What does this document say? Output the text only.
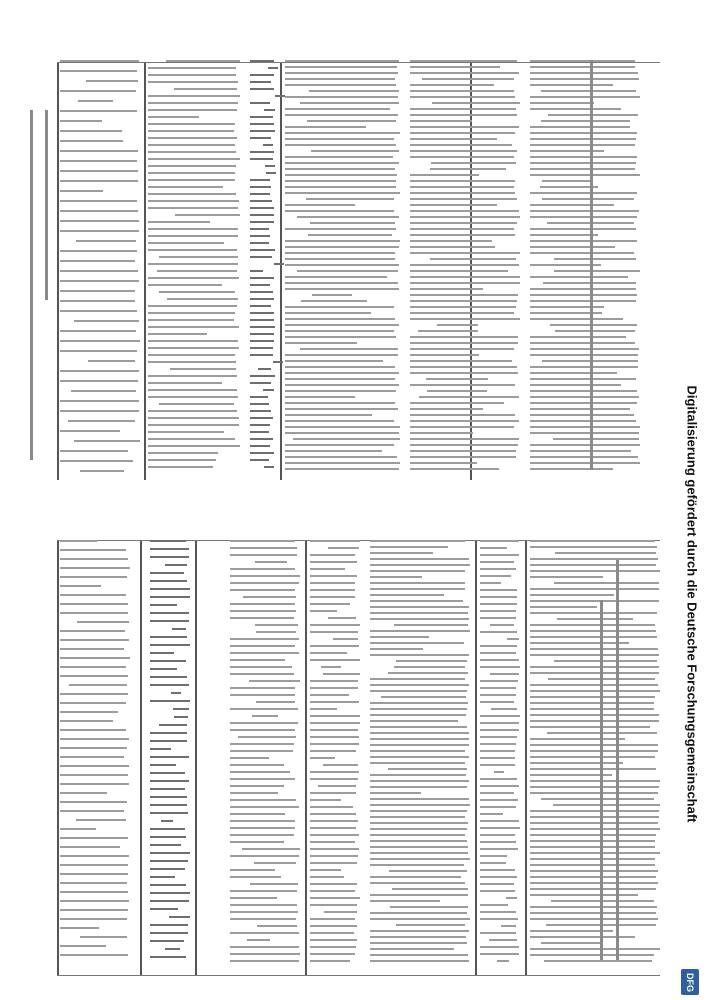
Digitalisierung gefördert durch die Deutsche Forschungsgemeinschaft
DFG
